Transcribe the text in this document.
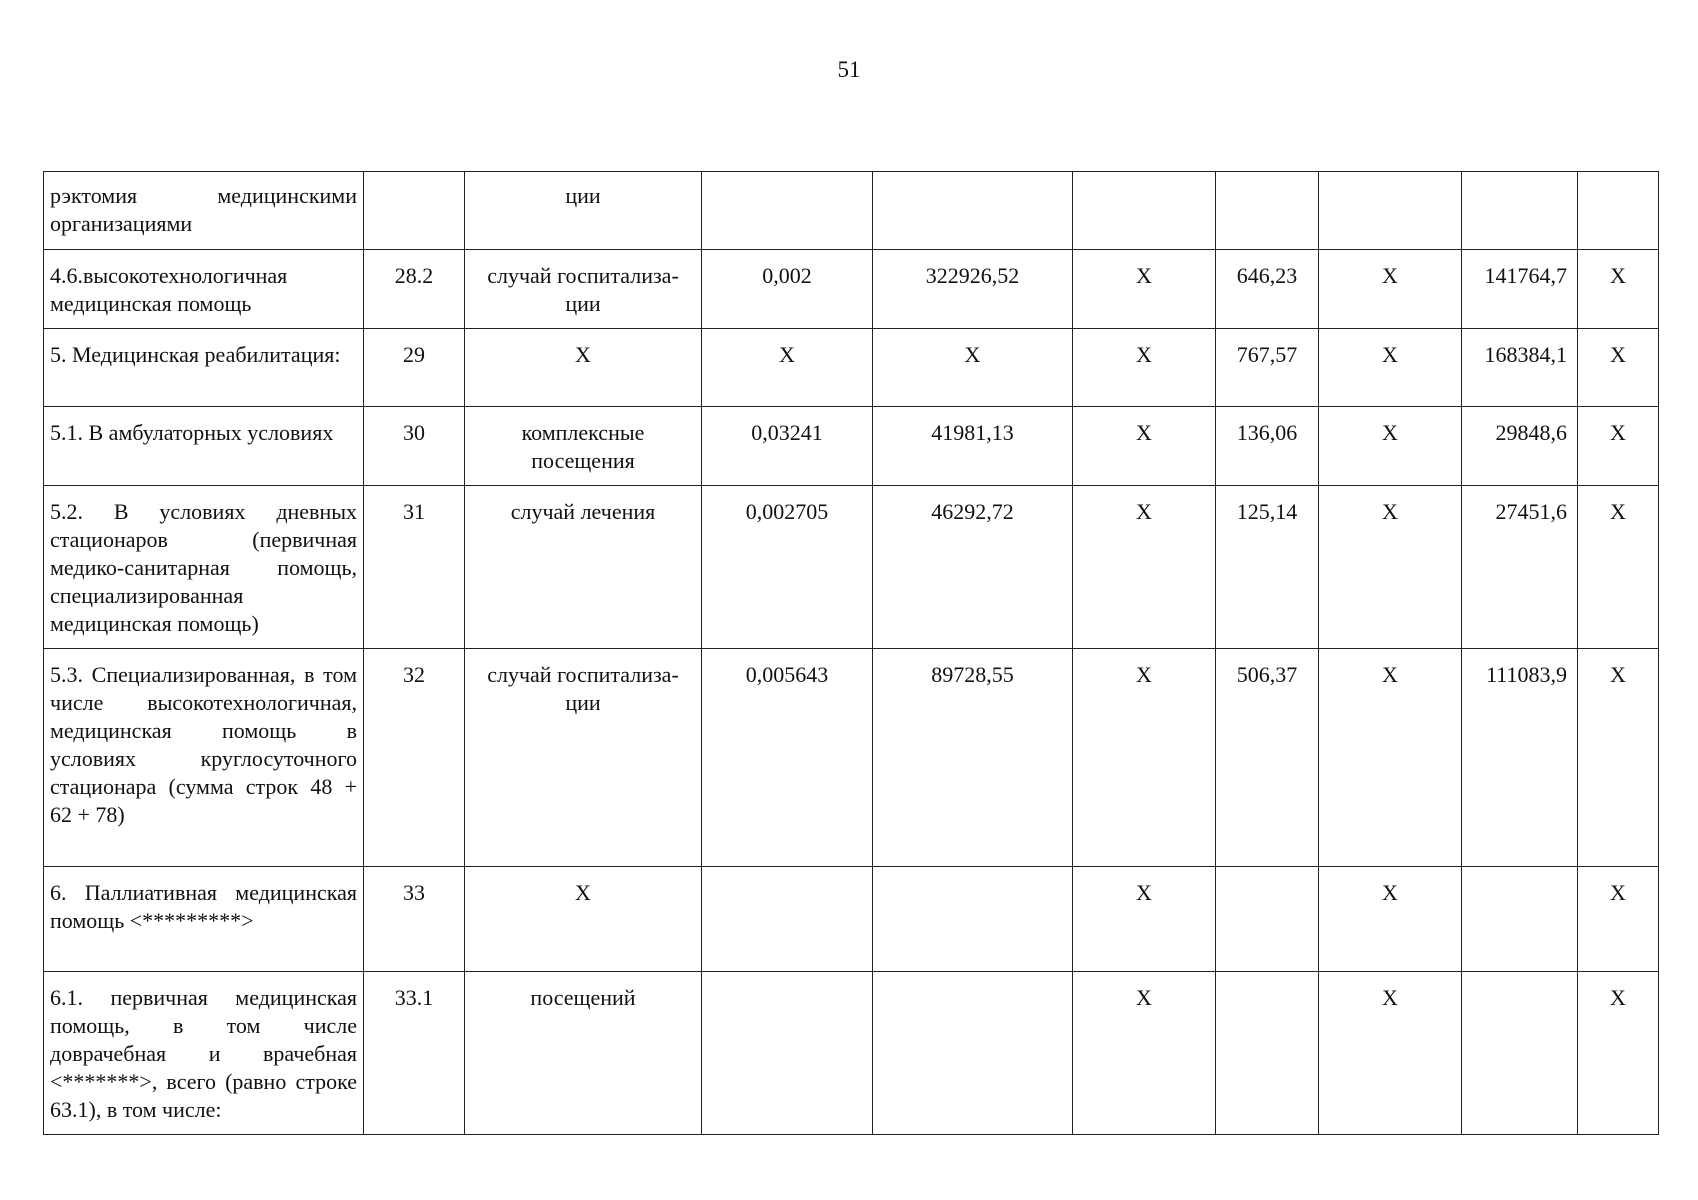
51
рэктомия медицинскими организациями		ции							
4.6.высокотехнологичная медицинская помощь	28.2	случай госпитализа-ции	0,002	322926,52	X	646,23	X	141764,7	X
5. Медицинская реабилитация:	29	X	X	X	X	767,57	X	168384,1	X
5.1. В амбулаторных условиях	30	комплексные посещения	0,03241	41981,13	X	136,06	X	29848,6	X
5.2. В условиях дневных стационаров (первичная медико-санитарная помощь, специализированная медицинская помощь)	31	случай лечения	0,002705	46292,72	X	125,14	X	27451,6	X
5.3. Специализированная, в том числе высокотехнологичная, медицинская помощь в условиях круглосуточного стационара (сумма строк 48 + 62 + 78)	32	случай госпитализа-ции	0,005643	89728,55	X	506,37	X	111083,9	X
6. Паллиативная медицинская помощь <*********>	33	X			X		X		X
6.1. первичная медицинская помощь, в том числе доврачебная и врачебная <*******>, всего (равно строке 63.1), в том числе:	33.1	посещений			X		X		X
